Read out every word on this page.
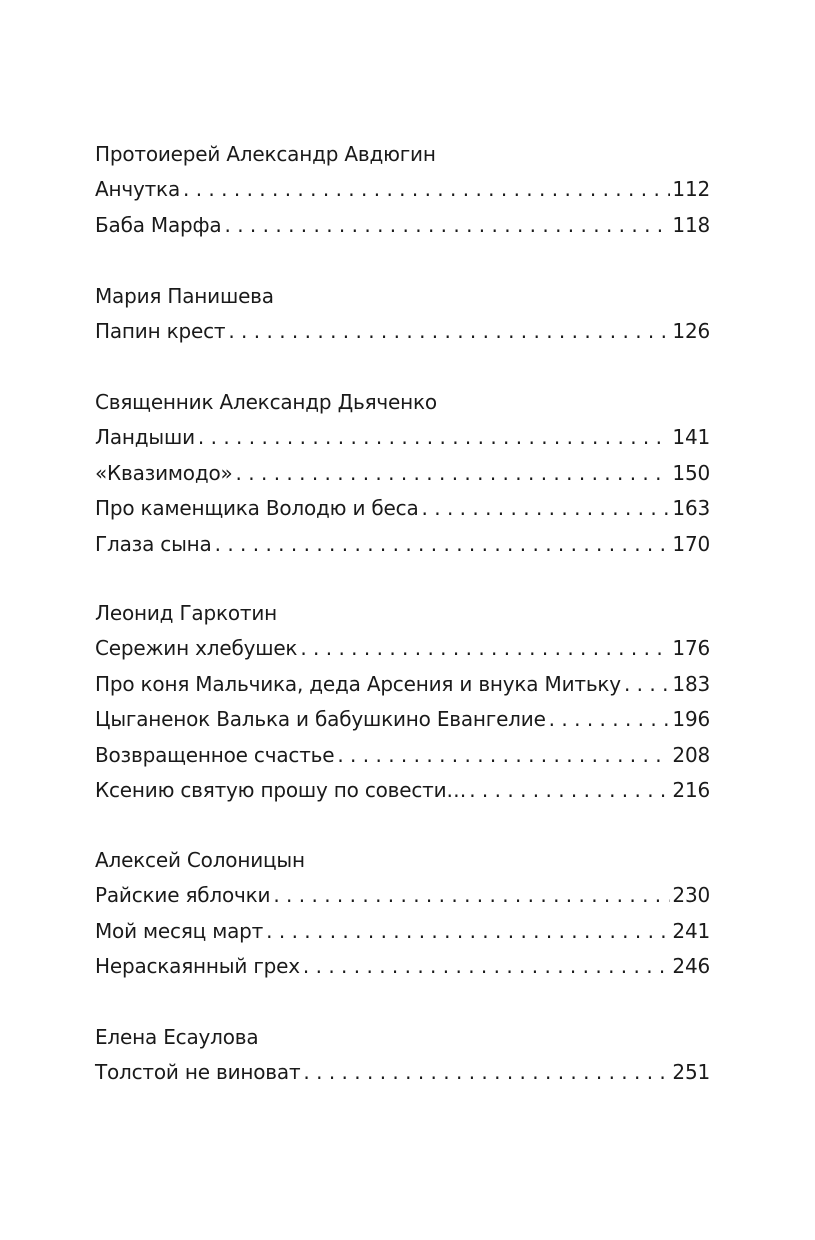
Протоиерей Александр Авдюгин
Анчутка . . .	112
Баба Марфа . . .	118
Мария Панишева
Папин крест . . .	126
Священник Александр Дьяченко
Ландыши . . .	141
«Квазимодо» . . .	150
Про каменщика Володю и беса . . .	163
Глаза сына . . .	170
Леонид Гаркотин
Сережин хлебушек . . .	176
Про коня Мальчика, деда Арсения и внука Митьку . . .	183
Цыганенок Валька и бабушкино Евангелие . . .	196
Возвращенное счастье . . .	208
Ксению святую прошу по совести… . . .	216
Алексей Солоницын
Райские яблочки . . .	230
Мой месяц март . . .	241
Нераскаянный грех . . .	246
Елена Есаулова
Толстой не виноват . . .	251
